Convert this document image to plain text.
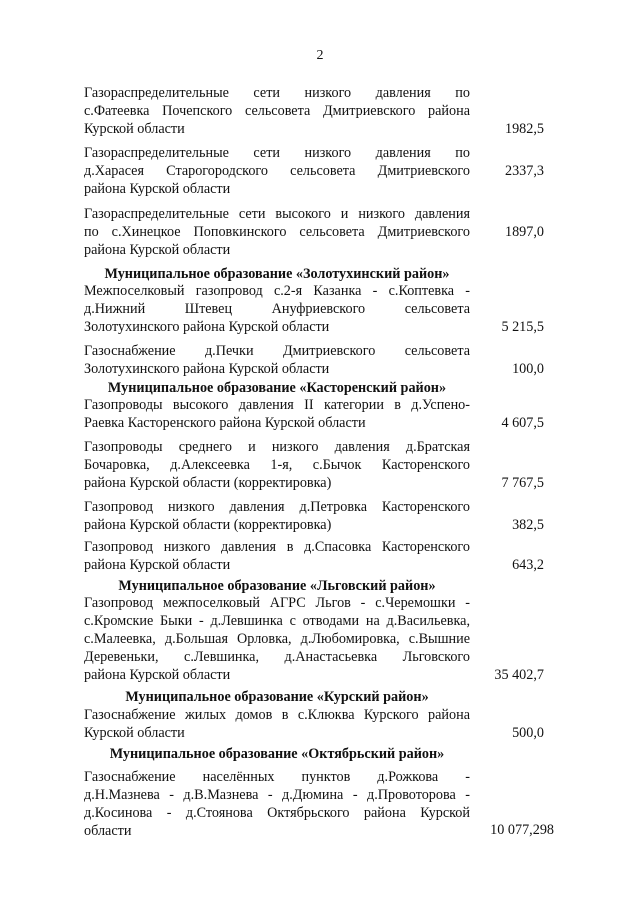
2
Газораспределительные сети низкого давления по
с.Фатеевка Почепского сельсовета Дмитриевского района
Курской области	1982,5
Газораспределительные сети низкого давления по
д.Харасея Старогородского сельсовета Дмитриевского
района Курской области
2337,3
Газораспределительные сети высокого и низкого давления
по с.Хинецкое Поповкинского сельсовета Дмитриевского
района Курской области
1897,0
Муниципальное образование «Золотухинский район»
Межпоселковый газопровод с.2-я Казанка - с.Коптевка -
д.Нижний Штевец Ануфриевского сельсовета
Золотухинского района Курской области	5 215,5
Газоснабжение д.Печки Дмитриевского сельсовета
Золотухинского района Курской области	100,0
Муниципальное образование «Касторенский район»
Газопроводы высокого давления II категории в д.Успено-
Раевка Касторенского района Курской области	4 607,5
Газопроводы среднего и низкого давления д.Братская
Бочаровка, д.Алексеевка 1-я, с.Бычок Касторенского
района Курской области (корректировка)	7 767,5
Газопровод низкого давления д.Петровка Касторенского
района Курской области (корректировка)	382,5
Газопровод низкого давления в д.Спасовка Касторенского
района Курской области	643,2
Муниципальное образование «Льговский район»
Газопровод межпоселковый АГРС Льгов - с.Черемошки -
с.Кромские Быки - д.Левшинка с отводами на д.Васильевка,
с.Малеевка, д.Большая Орловка, д.Любомировка, с.Вышние
Деревеньки, с.Левшинка, д.Анастасьевка Льговского
района Курской области	35 402,7
Муниципальное образование «Курский район»
Газоснабжение жилых домов в с.Клюква Курского района
Курской области	500,0
Муниципальное образование «Октябрьский район»
Газоснабжение населённых пунктов д.Рожкова -
д.Н.Мазнева - д.В.Мазнева - д.Дюмина - д.Провоторова -
д.Косинова - д.Стоянова Октябрьского района Курской
области	10 077,298
